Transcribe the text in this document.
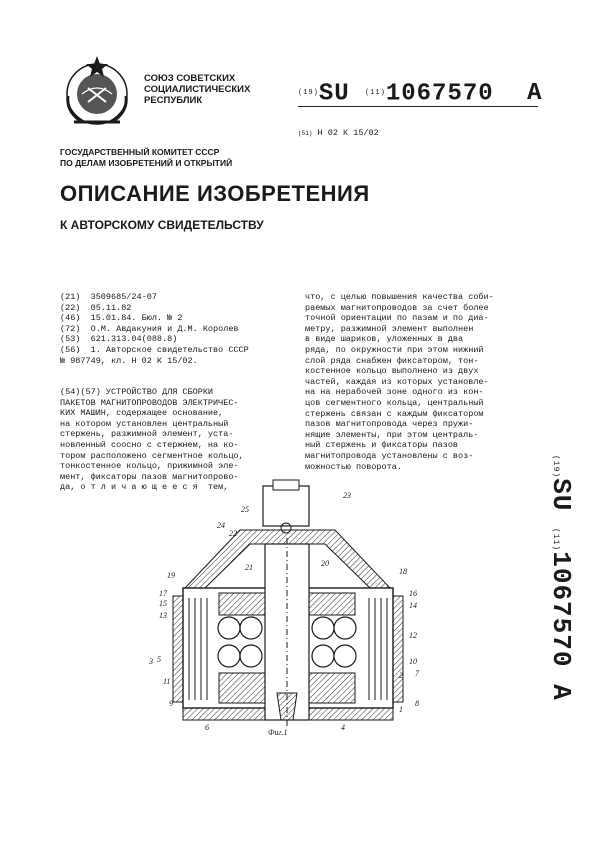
СОЮЗ СОВЕТСКИХ
СОЦИАЛИСТИЧЕСКИХ
РЕСПУБЛИК
(19)SU (11)1067570 A
(51) Н 02 К 15/02
ГОСУДАРСТВЕННЫЙ КОМИТЕТ СССР
ПО ДЕЛАМ ИЗОБРЕТЕНИЙ И ОТКРЫТИЙ
ОПИСАНИЕ ИЗОБРЕТЕНИЯ
К АВТОРСКОМУ СВИДЕТЕЛЬСТВУ
(21)  3509685/24-07
(22)  05.11.82
(46)  15.01.84. Бюл. № 2
(72)  О.М. Авдакуния и Д.М. Королев
(53)  621.313.04(088.8)
(56)  1. Авторское свидетельство СССР
№ 987749, кл. Н 02 К 15/02.
(54)(57) УСТРОЙСТВО ДЛЯ СБОРКИ
ПАКЕТОВ МАГНИТОПРОВОДОВ ЭЛЕКТРИЧЕС-
КИХ МАШИН, содержащее основание,
на котором установлен центральный
стержень, разжимной элемент, уста-
новленный соосно с стержнем, на ко-
тором расположено сегментное кольцо,
тонкостенное кольцо, прижимной эле-
мент, фиксаторы пазов магнитопрово-
да, о т л и ч а ю щ е е с я  тем,
что, с целью повышения качества соби-
раемых магнитопроводов за счет более
точной ориентации по пазам и по диа-
метру, разжимной элемент выполнен
в виде шариков, уложенных в два
ряда, по окружности при этом нижний
слой ряда снабжен фиксатором, тон-
костенное кольцо выполнено из двух
частей, каждая из которых установле-
на на нерабочей зоне одного из кон-
цов сегментного кольца, центральный
стержень связан с каждым фиксатором
пазов магнитопровода через пружи-
нящие элементы, при этом централь-
ный стержень и фиксаторы пазов
магнитопровода установлены с воз-
можностью поворота.	(19)SU (11)1067570 A
23
25
24
22
21	20
19	18
17	16
15	14
13
12
11
10
9	8
7
6
5
4
3
2
1
Фиг.1
